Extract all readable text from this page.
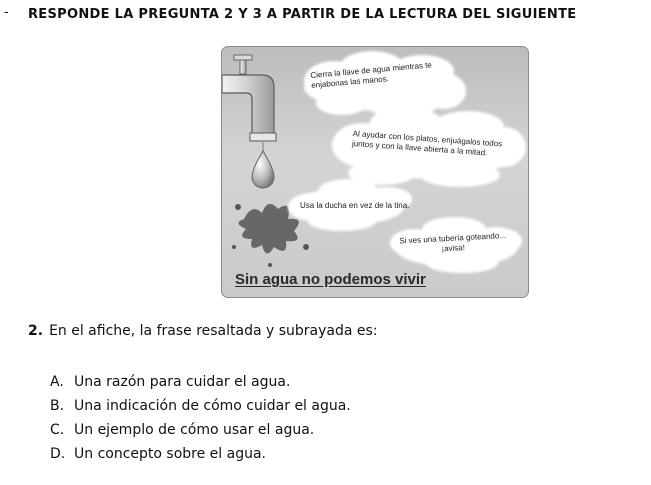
- RESPONDE LA PREGUNTA 2 Y 3 A PARTIR DE LA LECTURA DEL SIGUIENTE
Cierra la llave de agua mientras te enjabonas las manos.
Al ayudar con los platos, enjuágalos todos juntos y con la llave abierta a la mitad.
Usa la ducha en vez de la tina.
Si ves una tubería goteando... ¡avisa!
Sin agua no podemos vivir
2. En el afiche, la frase resaltada y subrayada es:
A. Una razón para cuidar el agua.
B. Una indicación de cómo cuidar el agua.
C. Un ejemplo de cómo usar el agua.
D. Un concepto sobre el agua.
